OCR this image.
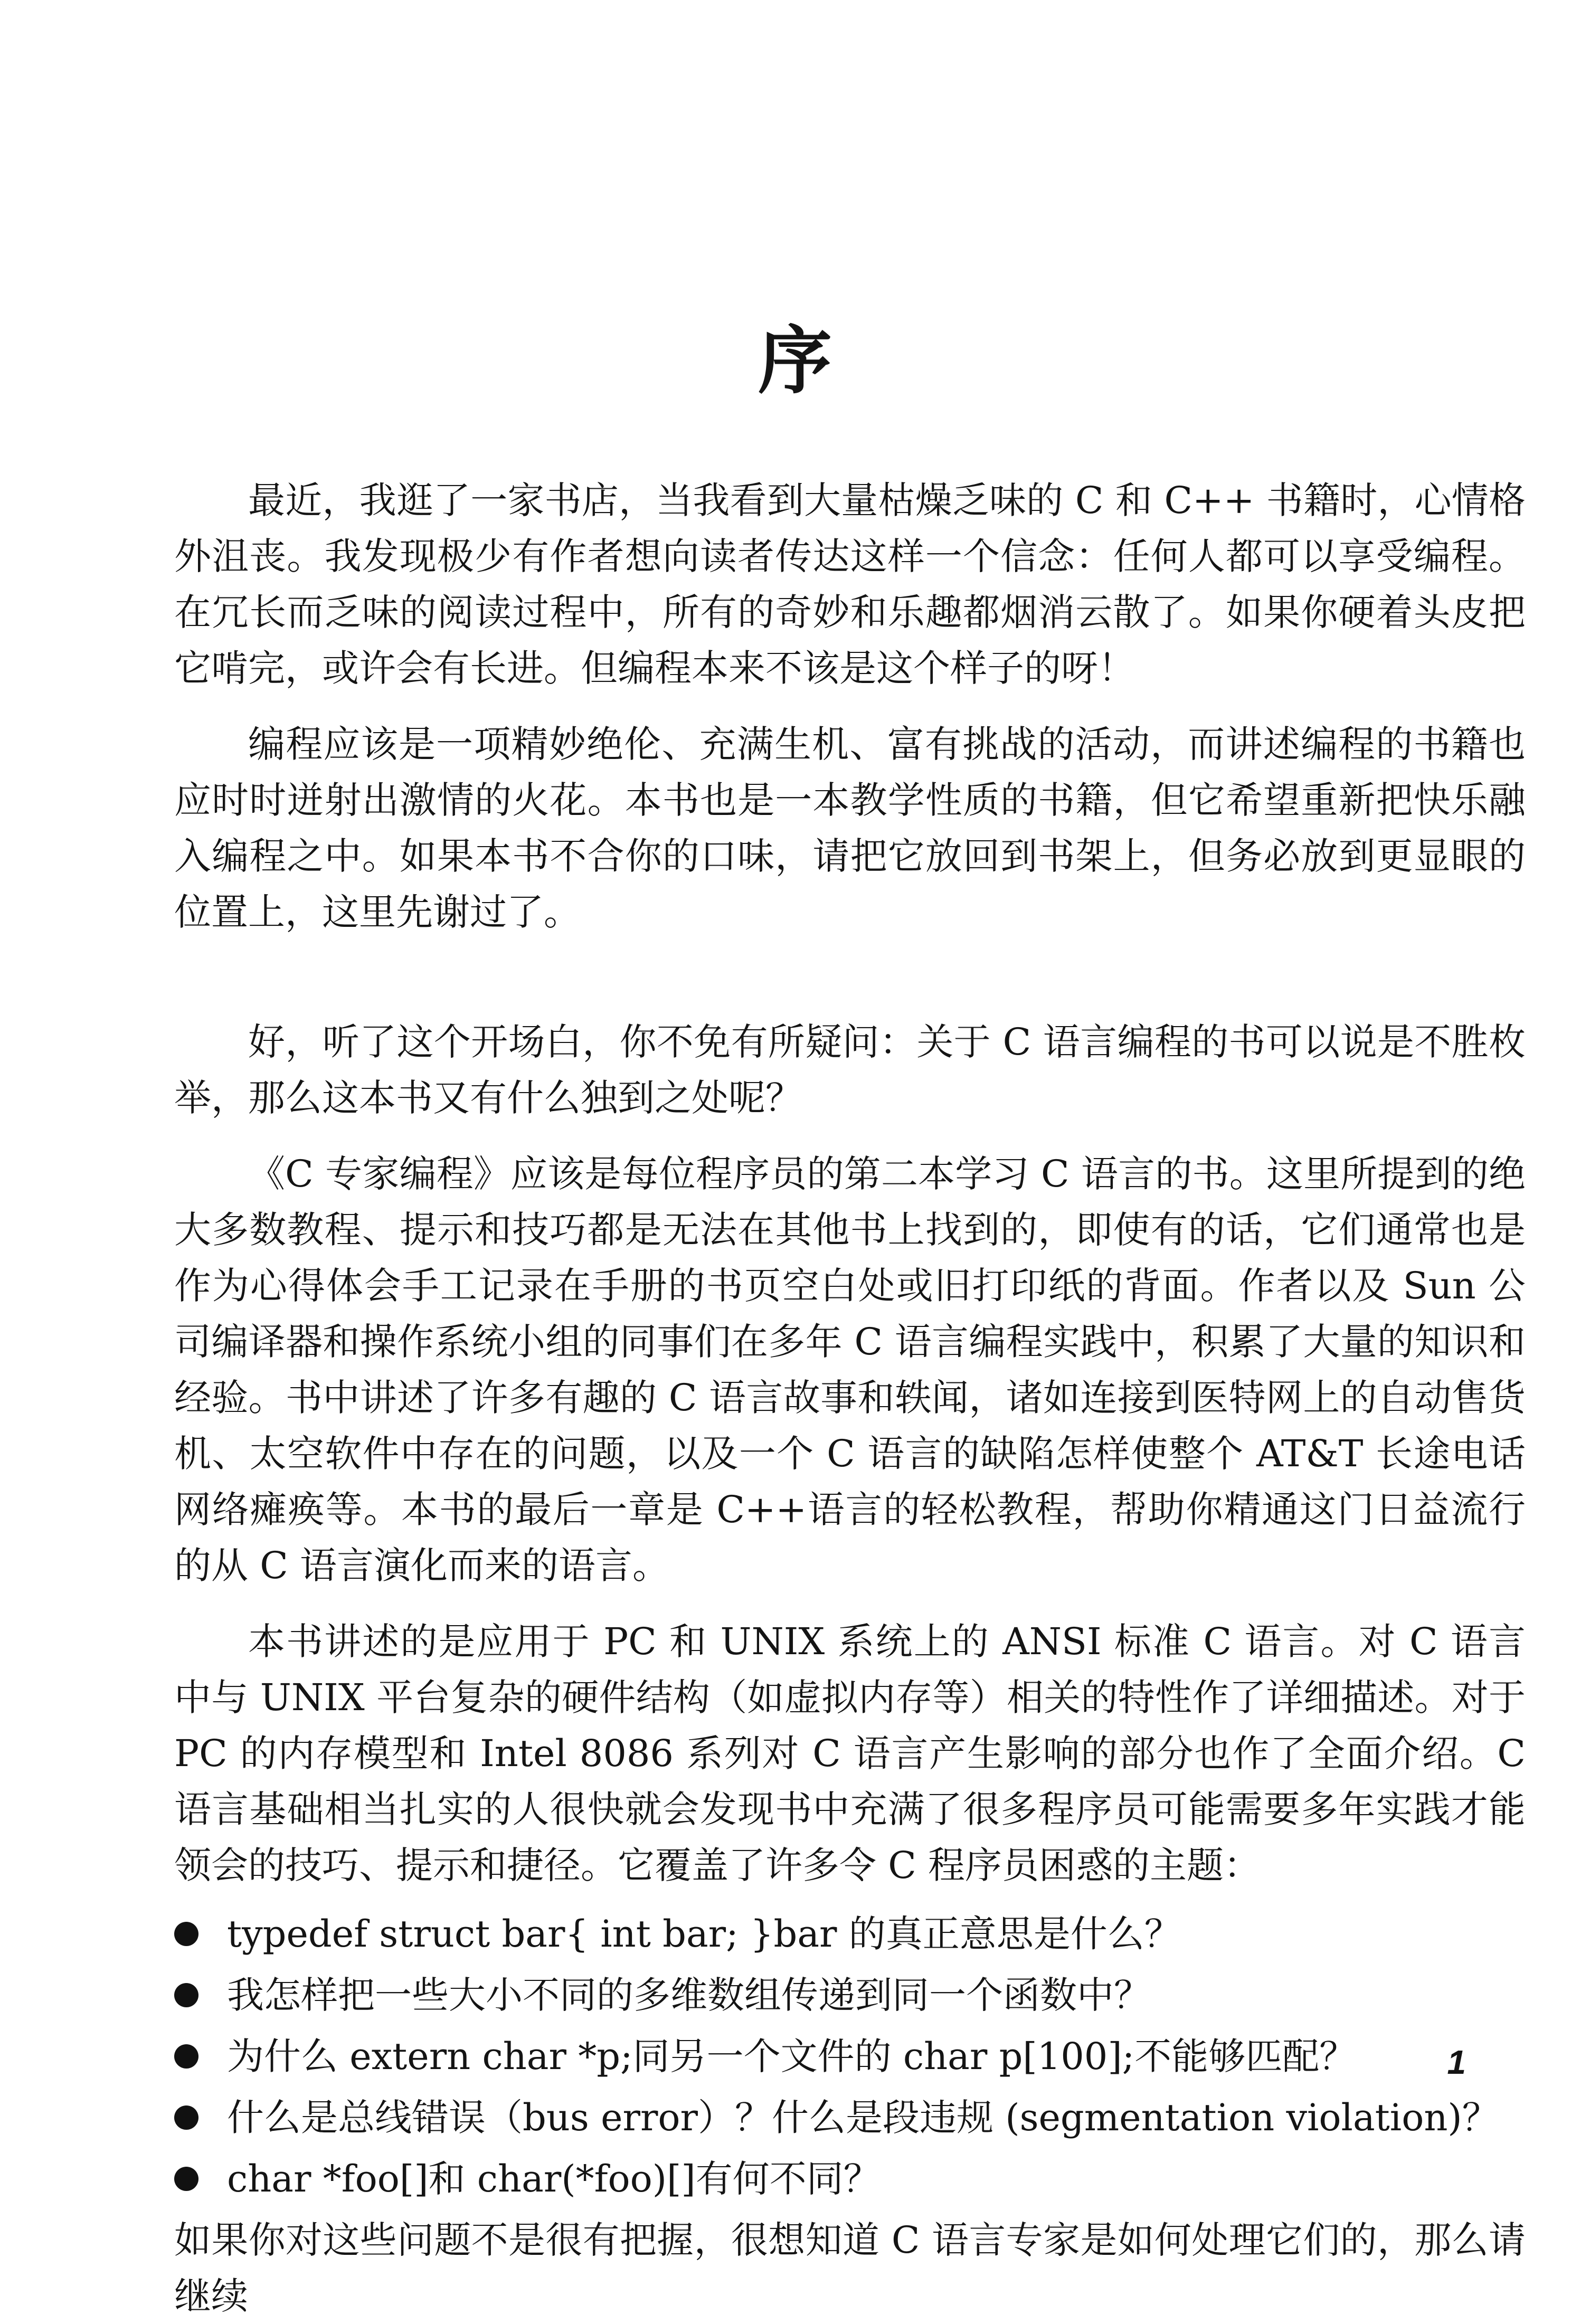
序

最近，我逛了一家书店，当我看到大量枯燥乏味的 C 和 C++ 书籍时，心情格外沮丧。我发现极少有作者想向读者传达这样一个信念：任何人都可以享受编程。在冗长而乏味的阅读过程中，所有的奇妙和乐趣都烟消云散了。如果你硬着头皮把它啃完，或许会有长进。但编程本来不该是这个样子的呀！

编程应该是一项精妙绝伦、充满生机、富有挑战的活动，而讲述编程的书籍也应时时迸射出激情的火花。本书也是一本教学性质的书籍，但它希望重新把快乐融入编程之中。如果本书不合你的口味，请把它放回到书架上，但务必放到更显眼的位置上，这里先谢过了。

好，听了这个开场白，你不免有所疑问：关于 C 语言编程的书可以说是不胜枚举，那么这本书又有什么独到之处呢？

《C 专家编程》应该是每位程序员的第二本学习 C 语言的书。这里所提到的绝大多数教程、提示和技巧都是无法在其他书上找到的，即使有的话，它们通常也是作为心得体会手工记录在手册的书页空白处或旧打印纸的背面。作者以及 Sun 公司编译器和操作系统小组的同事们在多年 C 语言编程实践中，积累了大量的知识和经验。书中讲述了许多有趣的 C 语言故事和轶闻，诸如连接到医特网上的自动售货机、太空软件中存在的问题，以及一个 C 语言的缺陷怎样使整个 AT&T 长途电话网络瘫痪等。本书的最后一章是 C++语言的轻松教程，帮助你精通这门日益流行的从 C 语言演化而来的语言。

本书讲述的是应用于 PC 和 UNIX 系统上的 ANSI 标准 C 语言。对 C 语言中与 UNIX 平台复杂的硬件结构（如虚拟内存等）相关的特性作了详细描述。对于 PC 的内存模型和 Intel 8086 系列对 C 语言产生影响的部分也作了全面介绍。C 语言基础相当扎实的人很快就会发现书中充满了很多程序员可能需要多年实践才能领会的技巧、提示和捷径。它覆盖了许多令 C 程序员困惑的主题：

typedef struct bar{ int bar; }bar 的真正意思是什么？
我怎样把一些大小不同的多维数组传递到同一个函数中？
为什么 extern char *p;同另一个文件的 char p[100];不能够匹配？
什么是总线错误（bus error）？什么是段违规 (segmentation violation)？
char *foo[]和 char(*foo)[]有何不同？

如果你对这些问题不是很有把握，很想知道 C 语言专家是如何处理它们的，那么请继续

1
